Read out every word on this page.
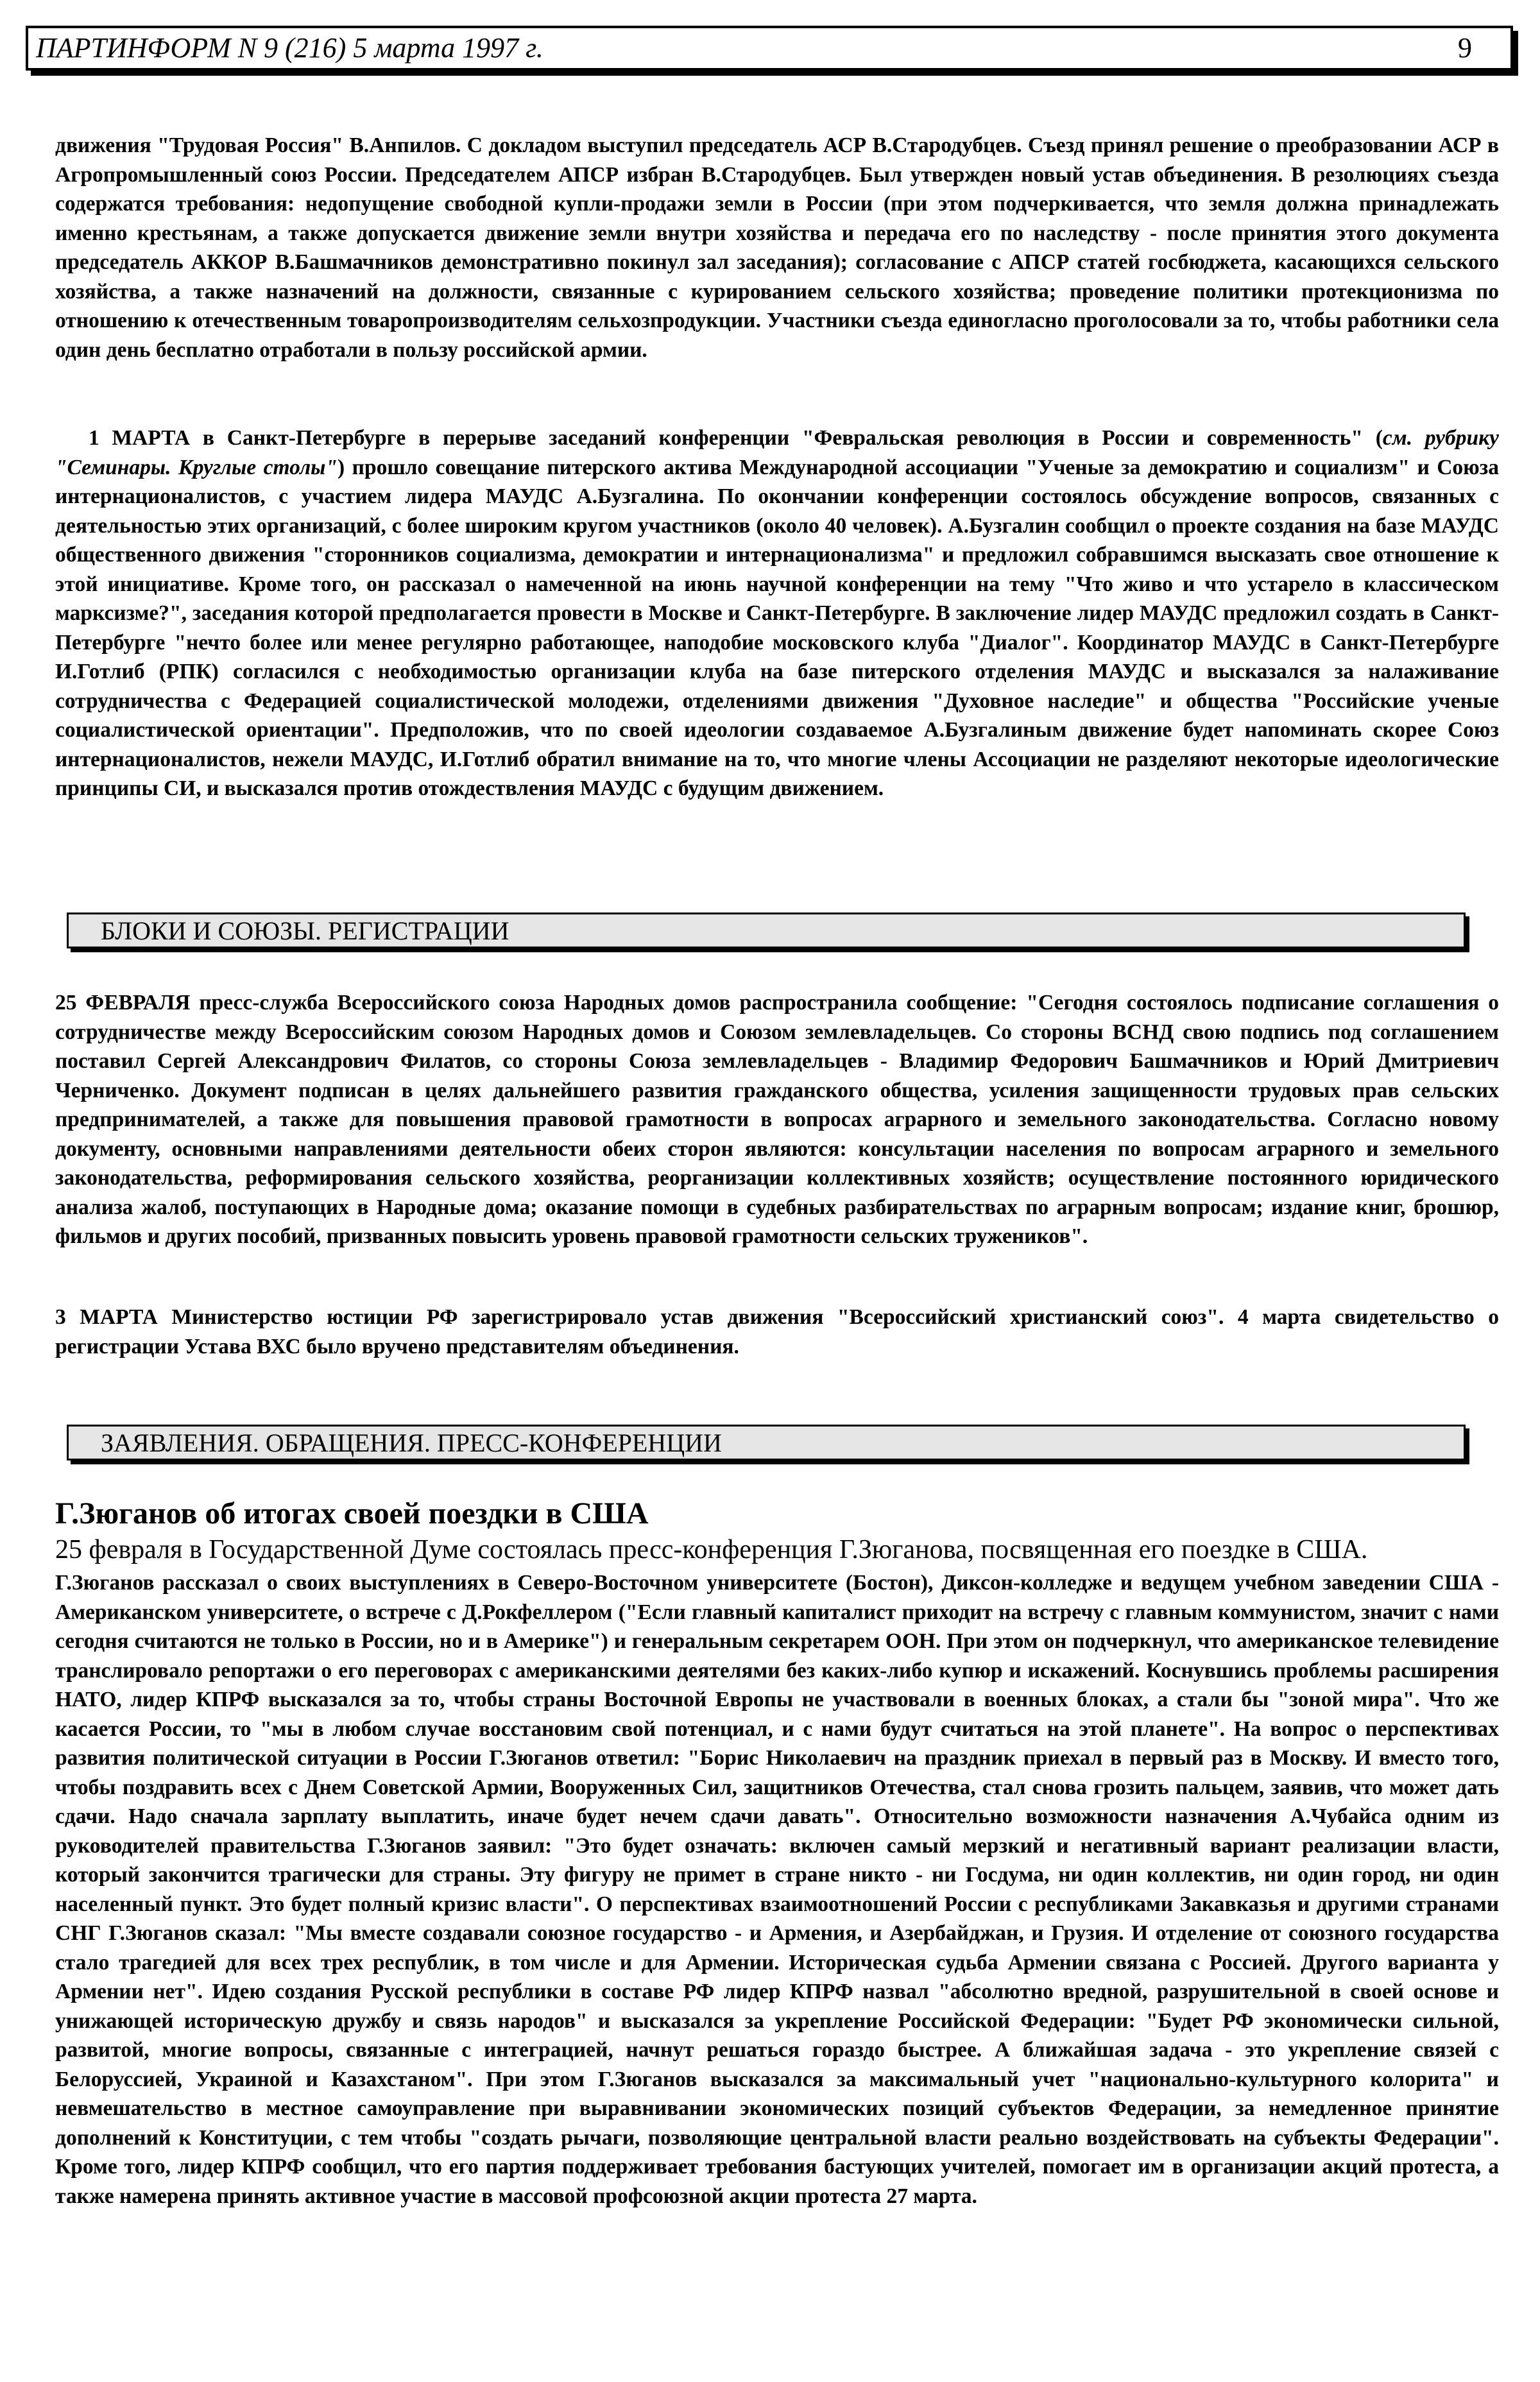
ПАРТИНФОРМ N 9 (216) 5 марта 1997 г.	9

движения "Трудовая Россия" В.Анпилов. С докладом выступил председатель АСР В.Стародубцев. Съезд принял решение о преобразовании АСР в Агропромышленный союз России. Председателем АПСР избран В.Стародубцев. Был утвержден новый устав объединения. В резолюциях съезда содержатся требования: недопущение свободной купли-продажи земли в России (при этом подчеркивается, что земля должна принадлежать именно крестьянам, а также допускается движение земли внутри хозяйства и передача его по наследству - после принятия этого документа председатель АККОР В.Башмачников демонстративно покинул зал заседания); согласование с АПСР статей госбюджета, касающихся сельского хозяйства, а также назначений на должности, связанные с курированием сельского хозяйства; проведение политики протекционизма по отношению к отечественным товаропроизводителям сельхозпродукции. Участники съезда единогласно проголосовали за то, чтобы работники села один день бесплатно отработали в пользу российской армии.

1 МАРТА в Санкт-Петербурге в перерыве заседаний конференции "Февральская революция в России и современность" (см. рубрику "Семинары. Круглые столы") прошло совещание питерского актива Международной ассоциации "Ученые за демократию и социализм" и Союза интернационалистов, с участием лидера МАУДС А.Бузгалина. По окончании конференции состоялось обсуждение вопросов, связанных с деятельностью этих организаций, с более широким кругом участников (около 40 человек). А.Бузгалин сообщил о проекте создания на базе МАУДС общественного движения "сторонников социализма, демократии и интернационализма" и предложил собравшимся высказать свое отношение к этой инициативе. Кроме того, он рассказал о намеченной на июнь научной конференции на тему "Что живо и что устарело в классическом марксизме?", заседания которой предполагается провести в Москве и Санкт-Петербурге. В заключение лидер МАУДС предложил создать в Санкт-Петербурге "нечто более или менее регулярно работающее, наподобие московского клуба "Диалог". Координатор МАУДС в Санкт-Петербурге И.Готлиб (РПК) согласился с необходимостью организации клуба на базе питерского отделения МАУДС и высказался за налаживание сотрудничества с Федерацией социалистической молодежи, отделениями движения "Духовное наследие" и общества "Российские ученые социалистической ориентации". Предположив, что по своей идеологии создаваемое А.Бузгалиным движение будет напоминать скорее Союз интернационалистов, нежели МАУДС, И.Готлиб обратил внимание на то, что многие члены Ассоциации не разделяют некоторые идеологические принципы СИ, и высказался против отождествления МАУДС с будущим движением.

БЛОКИ И СОЮЗЫ. РЕГИСТРАЦИИ

25 ФЕВРАЛЯ пресс-служба Всероссийского союза Народных домов распространила сообщение: "Сегодня состоялось подписание соглашения о сотрудничестве между Всероссийским союзом Народных домов и Союзом землевладельцев. Со стороны ВСНД свою подпись под соглашением поставил Сергей Александрович Филатов, со стороны Союза землевладельцев - Владимир Федорович Башмачников и Юрий Дмитриевич Черниченко. Документ подписан в целях дальнейшего развития гражданского общества, усиления защищенности трудовых прав сельских предпринимателей, а также для повышения правовой грамотности в вопросах аграрного и земельного законодательства. Согласно новому документу, основными направлениями деятельности обеих сторон являются: консультации населения по вопросам аграрного и земельного законодательства, реформирования сельского хозяйства, реорганизации коллективных хозяйств; осуществление постоянного юридического анализа жалоб, поступающих в Народные дома; оказание помощи в судебных разбирательствах по аграрным вопросам; издание книг, брошюр, фильмов и других пособий, призванных повысить уровень правовой грамотности сельских тружеников".

3 МАРТА Министерство юстиции РФ зарегистрировало устав движения "Всероссийский христианский союз". 4 марта свидетельство о регистрации Устава ВХС было вручено представителям объединения.

ЗАЯВЛЕНИЯ. ОБРАЩЕНИЯ. ПРЕСС-КОНФЕРЕНЦИИ
Г.Зюганов об итогах своей поездки в США

25 февраля в Государственной Думе состоялась пресс-конференция Г.Зюганова, посвященная его поездке в США.

Г.Зюганов рассказал о своих выступлениях в Северо-Восточном университете (Бостон), Диксон-колледже и ведущем учебном заведении США - Американском университете, о встрече с Д.Рокфеллером ("Если главный капиталист приходит на встречу с главным коммунистом, значит с нами сегодня считаются не только в России, но и в Америке") и генеральным секретарем ООН. При этом он подчеркнул, что американское телевидение транслировало репортажи о его переговорах с американскими деятелями без каких-либо купюр и искажений. Коснувшись проблемы расширения НАТО, лидер КПРФ высказался за то, чтобы страны Восточной Европы не участвовали в военных блоках, а стали бы "зоной мира". Что же касается России, то "мы в любом случае восстановим свой потенциал, и с нами будут считаться на этой планете". На вопрос о перспективах развития политической ситуации в России Г.Зюганов ответил: "Борис Николаевич на праздник приехал в первый раз в Москву. И вместо того, чтобы поздравить всех с Днем Советской Армии, Вооруженных Сил, защитников Отечества, стал снова грозить пальцем, заявив, что может дать сдачи. Надо сначала зарплату выплатить, иначе будет нечем сдачи давать". Относительно возможности назначения А.Чубайса одним из руководителей правительства Г.Зюганов заявил: "Это будет означать: включен самый мерзкий и негативный вариант реализации власти, который закончится трагически для страны. Эту фигуру не примет в стране никто - ни Госдума, ни один коллектив, ни один город, ни один населенный пункт. Это будет полный кризис власти". О перспективах взаимоотношений России с республиками Закавказья и другими странами СНГ Г.Зюганов сказал: "Мы вместе создавали союзное государство - и Армения, и Азербайджан, и Грузия. И отделение от союзного государства стало трагедией для всех трех республик, в том числе и для Армении. Историческая судьба Армении связана с Россией. Другого варианта у Армении нет". Идею создания Русской республики в составе РФ лидер КПРФ назвал "абсолютно вредной, разрушительной в своей основе и унижающей историческую дружбу и связь народов" и высказался за укрепление Российской Федерации: "Будет РФ экономически сильной, развитой, многие вопросы, связанные с интеграцией, начнут решаться гораздо быстрее. А ближайшая задача - это укрепление связей с Белоруссией, Украиной и Казахстаном". При этом Г.Зюганов высказался за максимальный учет "национально-культурного колорита" и невмешательство в местное самоуправление при выравнивании экономических позиций субъектов Федерации, за немедленное принятие дополнений к Конституции, с тем чтобы "создать рычаги, позволяющие центральной власти реально воздействовать на субъекты Федерации". Кроме того, лидер КПРФ сообщил, что его партия поддерживает требования бастующих учителей, помогает им в организации акций протеста, а также намерена принять активное участие в массовой профсоюзной акции протеста 27 марта.
